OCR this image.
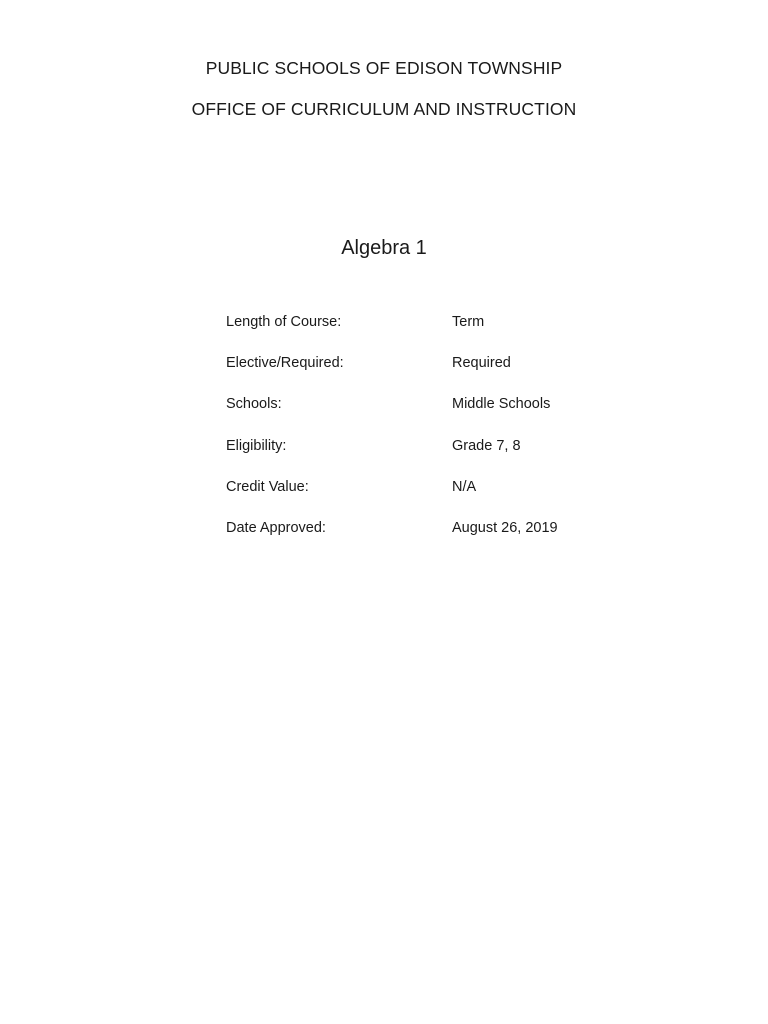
PUBLIC SCHOOLS OF EDISON TOWNSHIP
OFFICE OF CURRICULUM AND INSTRUCTION
Algebra 1
Length of Course:	Term
Elective/Required:	Required
Schools:	Middle Schools
Eligibility:	Grade 7, 8
Credit Value:	N/A
Date Approved:	August 26, 2019
